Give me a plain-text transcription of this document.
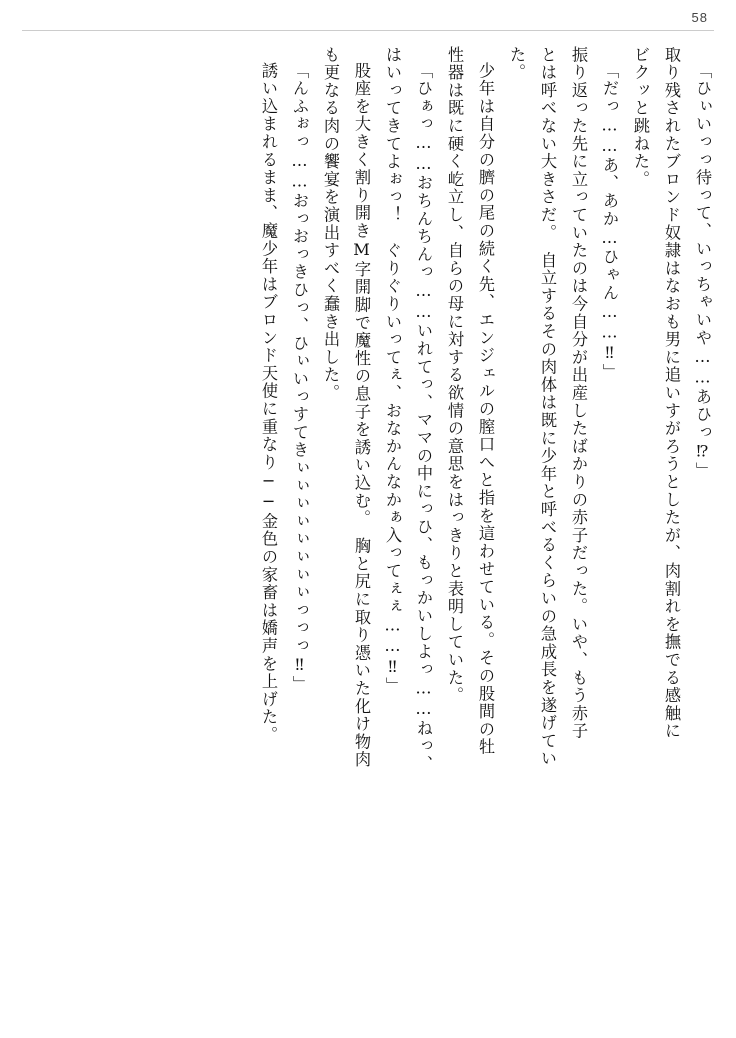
58
「ひぃいっっ待って、いっちゃいや……あひっ⁉」
取り残されたブロンド奴隷はなおも男に追いすがろうとしたが、肉割れを撫でる感触に
ビクッと跳ねた。
「だっ……あ、あか…ひゃん……‼」
振り返った先に立っていたのは今自分が出産したばかりの赤子だった。いや、もう赤子
とは呼べない大きさだ。　自立するその肉体は既に少年と呼べるくらいの急成長を遂げてい
た。
少年は自分の臍の尾の続く先、エンジェルの膣口へと指を這わせている。その股間の牡
性器は既に硬く屹立し、自らの母に対する欲情の意思をはっきりと表明していた。
「ひぁっ……おちんちんっ……いれてっ、ママの中にっひ、もっかいしよっ……ねっ、
はいってきてよぉっ！　ぐりぐりいってぇ、おなかんなかぁ入ってぇぇ……‼」
股座を大きく割り開きM字開脚で魔性の息子を誘い込む。　胸と尻に取り憑いた化け物肉
も更なる肉の饗宴を演出すべく蠢き出した。
「んふぉっ……おっおっきひっ、ひぃいっすてきぃぃぃぃぃぃぃぃっっっ‼」
誘い込まれるまま、魔少年はブロンド天使に重なり──金色の家畜は嬌声を上げた。
